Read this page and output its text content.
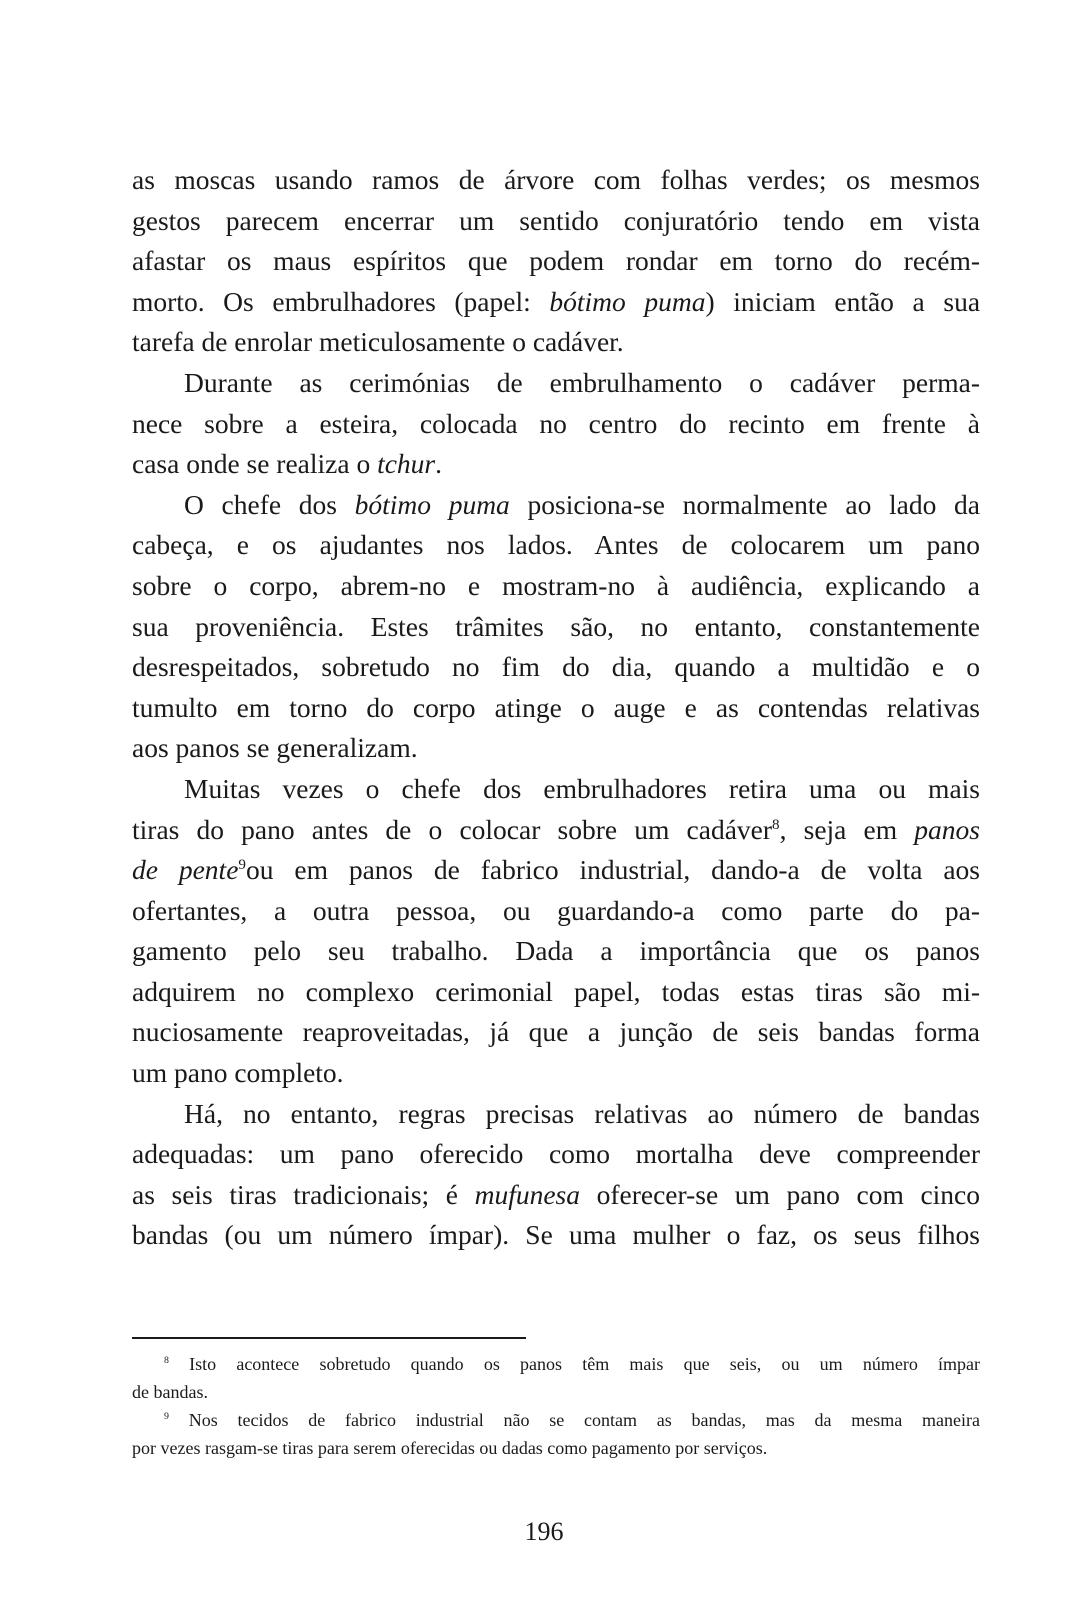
as moscas usando ramos de árvore com folhas verdes; os mesmos
gestos parecem encerrar um sentido conjuratório tendo em vista
afastar os maus espíritos que podem rondar em torno do recém-
morto. Os embrulhadores (papel: bótimo puma) iniciam então a sua
tarefa de enrolar meticulosamente o cadáver.
Durante as cerimónias de embrulhamento o cadáver perma-
nece sobre a esteira, colocada no centro do recinto em frente à
casa onde se realiza o tchur.
O chefe dos bótimo puma posiciona-se normalmente ao lado da
cabeça, e os ajudantes nos lados. Antes de colocarem um pano
sobre o corpo, abrem-no e mostram-no à audiência, explicando a
sua proveniência. Estes trâmites são, no entanto, constantemente
desrespeitados, sobretudo no fim do dia, quando a multidão e o
tumulto em torno do corpo atinge o auge e as contendas relativas
aos panos se generalizam.
Muitas vezes o chefe dos embrulhadores retira uma ou mais
tiras do pano antes de o colocar sobre um cadáver$^8$, seja em panos
de pente$^9$ou em panos de fabrico industrial, dando-a de volta aos
ofertantes, a outra pessoa, ou guardando-a como parte do pa-
gamento pelo seu trabalho. Dada a importância que os panos
adquirem no complexo cerimonial papel, todas estas tiras são mi-
nuciosamente reaproveitadas, já que a junção de seis bandas forma
um pano completo.
Há, no entanto, regras precisas relativas ao número de bandas
adequadas: um pano oferecido como mortalha deve compreender
as seis tiras tradicionais; é mufunesa oferecer-se um pano com cinco
bandas (ou um número ímpar). Se uma mulher o faz, os seus filhos
$^8$ Isto acontece sobretudo quando os panos têm mais que seis, ou um número ímpar
de bandas.
$^9$ Nos tecidos de fabrico industrial não se contam as bandas, mas da mesma maneira
por vezes rasgam-se tiras para serem oferecidas ou dadas como pagamento por serviços.
196
